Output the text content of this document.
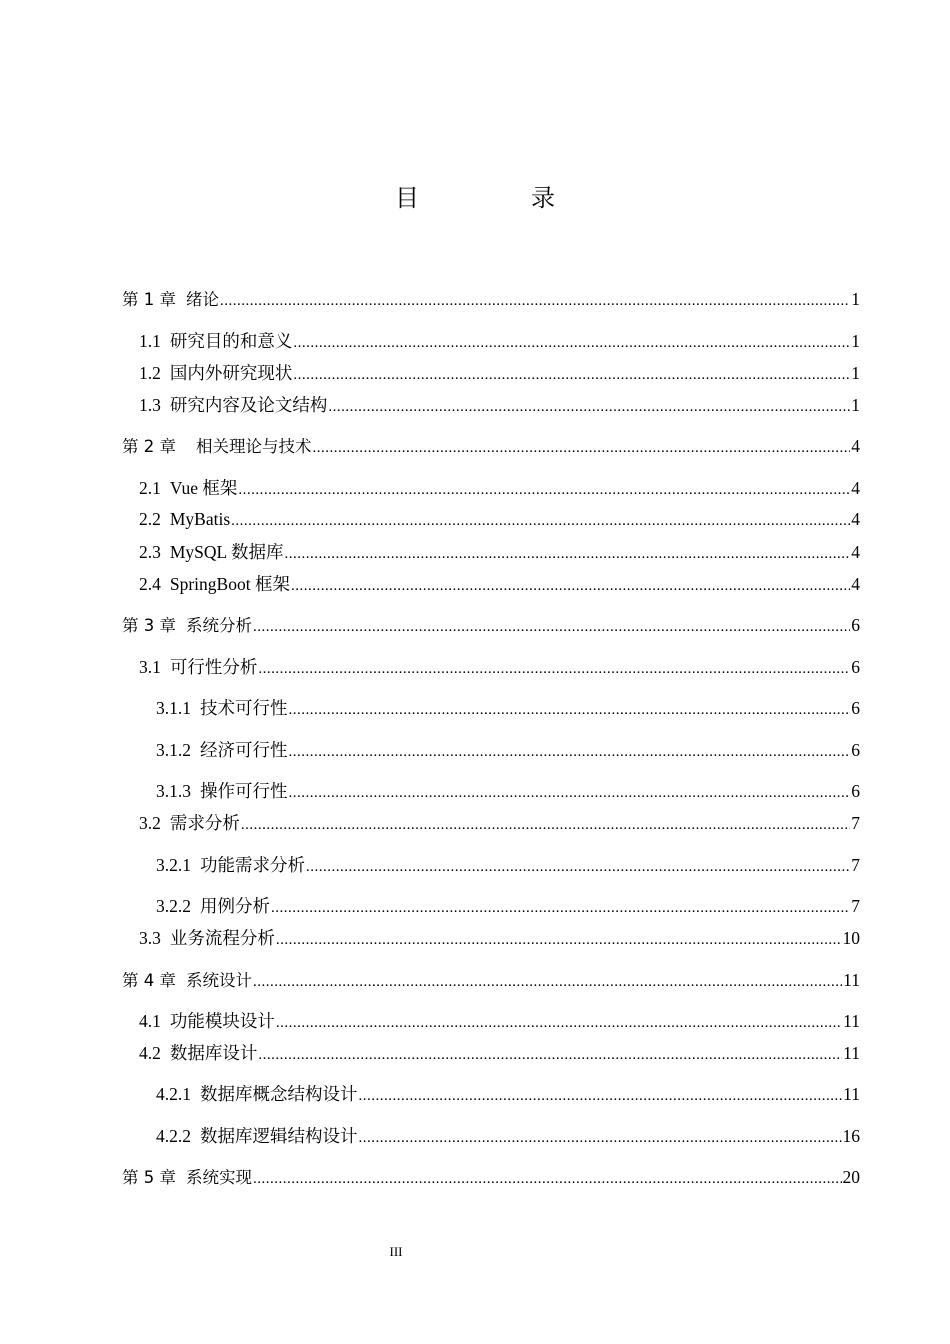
目　录
第 1 章 绪论 .....	1
1.1 研究目的和意义 .....	1
1.2 国内外研究现状 .....	1
1.3 研究内容及论文结构 .....	1
第 2 章 相关理论与技术 .....	4
2.1 Vue 框架 .....	4
2.2 MyBatis .....	4
2.3 MySQL 数据库 .....	4
2.4 SpringBoot 框架 .....	4
第 3 章 系统分析 .....	6
3.1 可行性分析 .....	6
3.1.1 技术可行性 .....	6
3.1.2 经济可行性 .....	6
3.1.3 操作可行性 .....	6
3.2 需求分析 .....	7
3.2.1 功能需求分析 .....	7
3.2.2 用例分析 .....	7
3.3 业务流程分析 .....	10
第 4 章 系统设计 .....	11
4.1 功能模块设计 .....	11
4.2 数据库设计 .....	11
4.2.1 数据库概念结构设计 .....	11
4.2.2 数据库逻辑结构设计 .....	16
第 5 章 系统实现 .....	20
III
